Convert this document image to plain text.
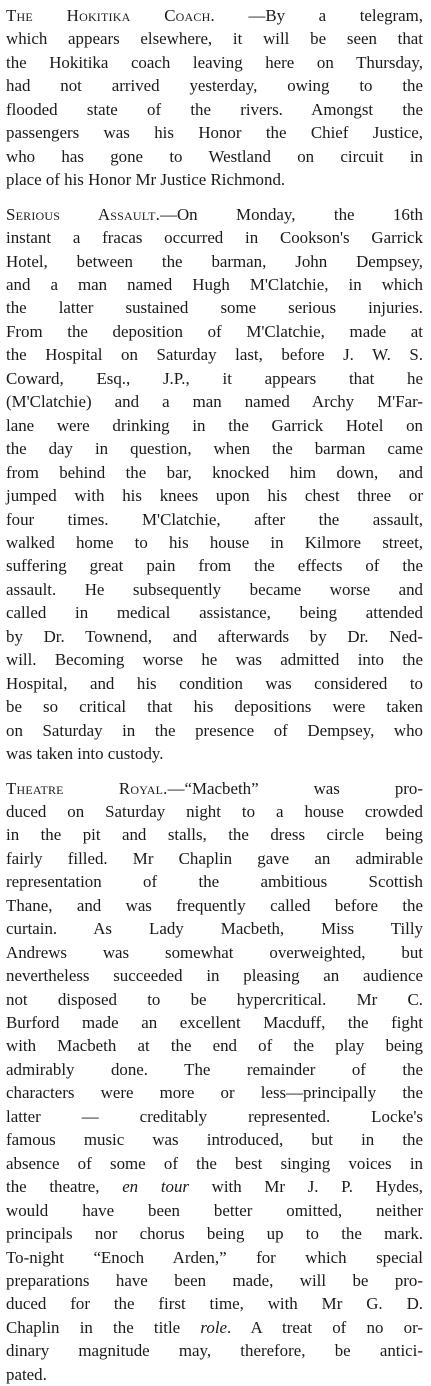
The Hokitika Coach. —By a telegram,
which appears elsewhere, it will be seen that
the Hokitika coach leaving here on Thursday,
had not arrived yesterday, owing to the
flooded state of the rivers. Amongst the
passengers was his Honor the Chief Justice,
who has gone to Westland on circuit in
place of his Honor Mr Justice Richmond.
Serious Assault.—On Monday, the 16th
instant a fracas occurred in Cookson's Garrick
Hotel, between the barman, John Dempsey,
and a man named Hugh M'Clatchie, in which
the latter sustained some serious injuries.
From the deposition of M'Clatchie, made at
the Hospital on Saturday last, before J. W. S.
Coward, Esq., J.P., it appears that he
(M'Clatchie) and a man named Archy M'Far-
lane were drinking in the Garrick Hotel on
the day in question, when the barman came
from behind the bar, knocked him down, and
jumped with his knees upon his chest three or
four times. M'Clatchie, after the assault,
walked home to his house in Kilmore street,
suffering great pain from the effects of the
assault. He subsequently became worse and
called in medical assistance, being attended
by Dr. Townend, and afterwards by Dr. Ned-
will. Becoming worse he was admitted into the
Hospital, and his condition was considered to
be so critical that his depositions were taken
on Saturday in the presence of Dempsey, who
was taken into custody.
Theatre Royal.—“Macbeth” was pro-
duced on Saturday night to a house crowded
in the pit and stalls, the dress circle being
fairly filled. Mr Chaplin gave an admirable
representation of the ambitious Scottish
Thane, and was frequently called before the
curtain. As Lady Macbeth, Miss Tilly
Andrews was somewhat overweighted, but
nevertheless succeeded in pleasing an audience
not disposed to be hypercritical. Mr C.
Burford made an excellent Macduff, the fight
with Macbeth at the end of the play being
admirably done. The remainder of the
characters were more or less—principally the
latter — creditably represented. Locke's
famous music was introduced, but in the
absence of some of the best singing voices in
the theatre, en tour with Mr J. P. Hydes,
would have been better omitted, neither
principals nor chorus being up to the mark.
To-night “Enoch Arden,” for which special
preparations have been made, will be pro-
duced for the first time, with Mr G. D.
Chaplin in the title role. A treat of no or-
dinary magnitude may, therefore, be antici-
pated.
